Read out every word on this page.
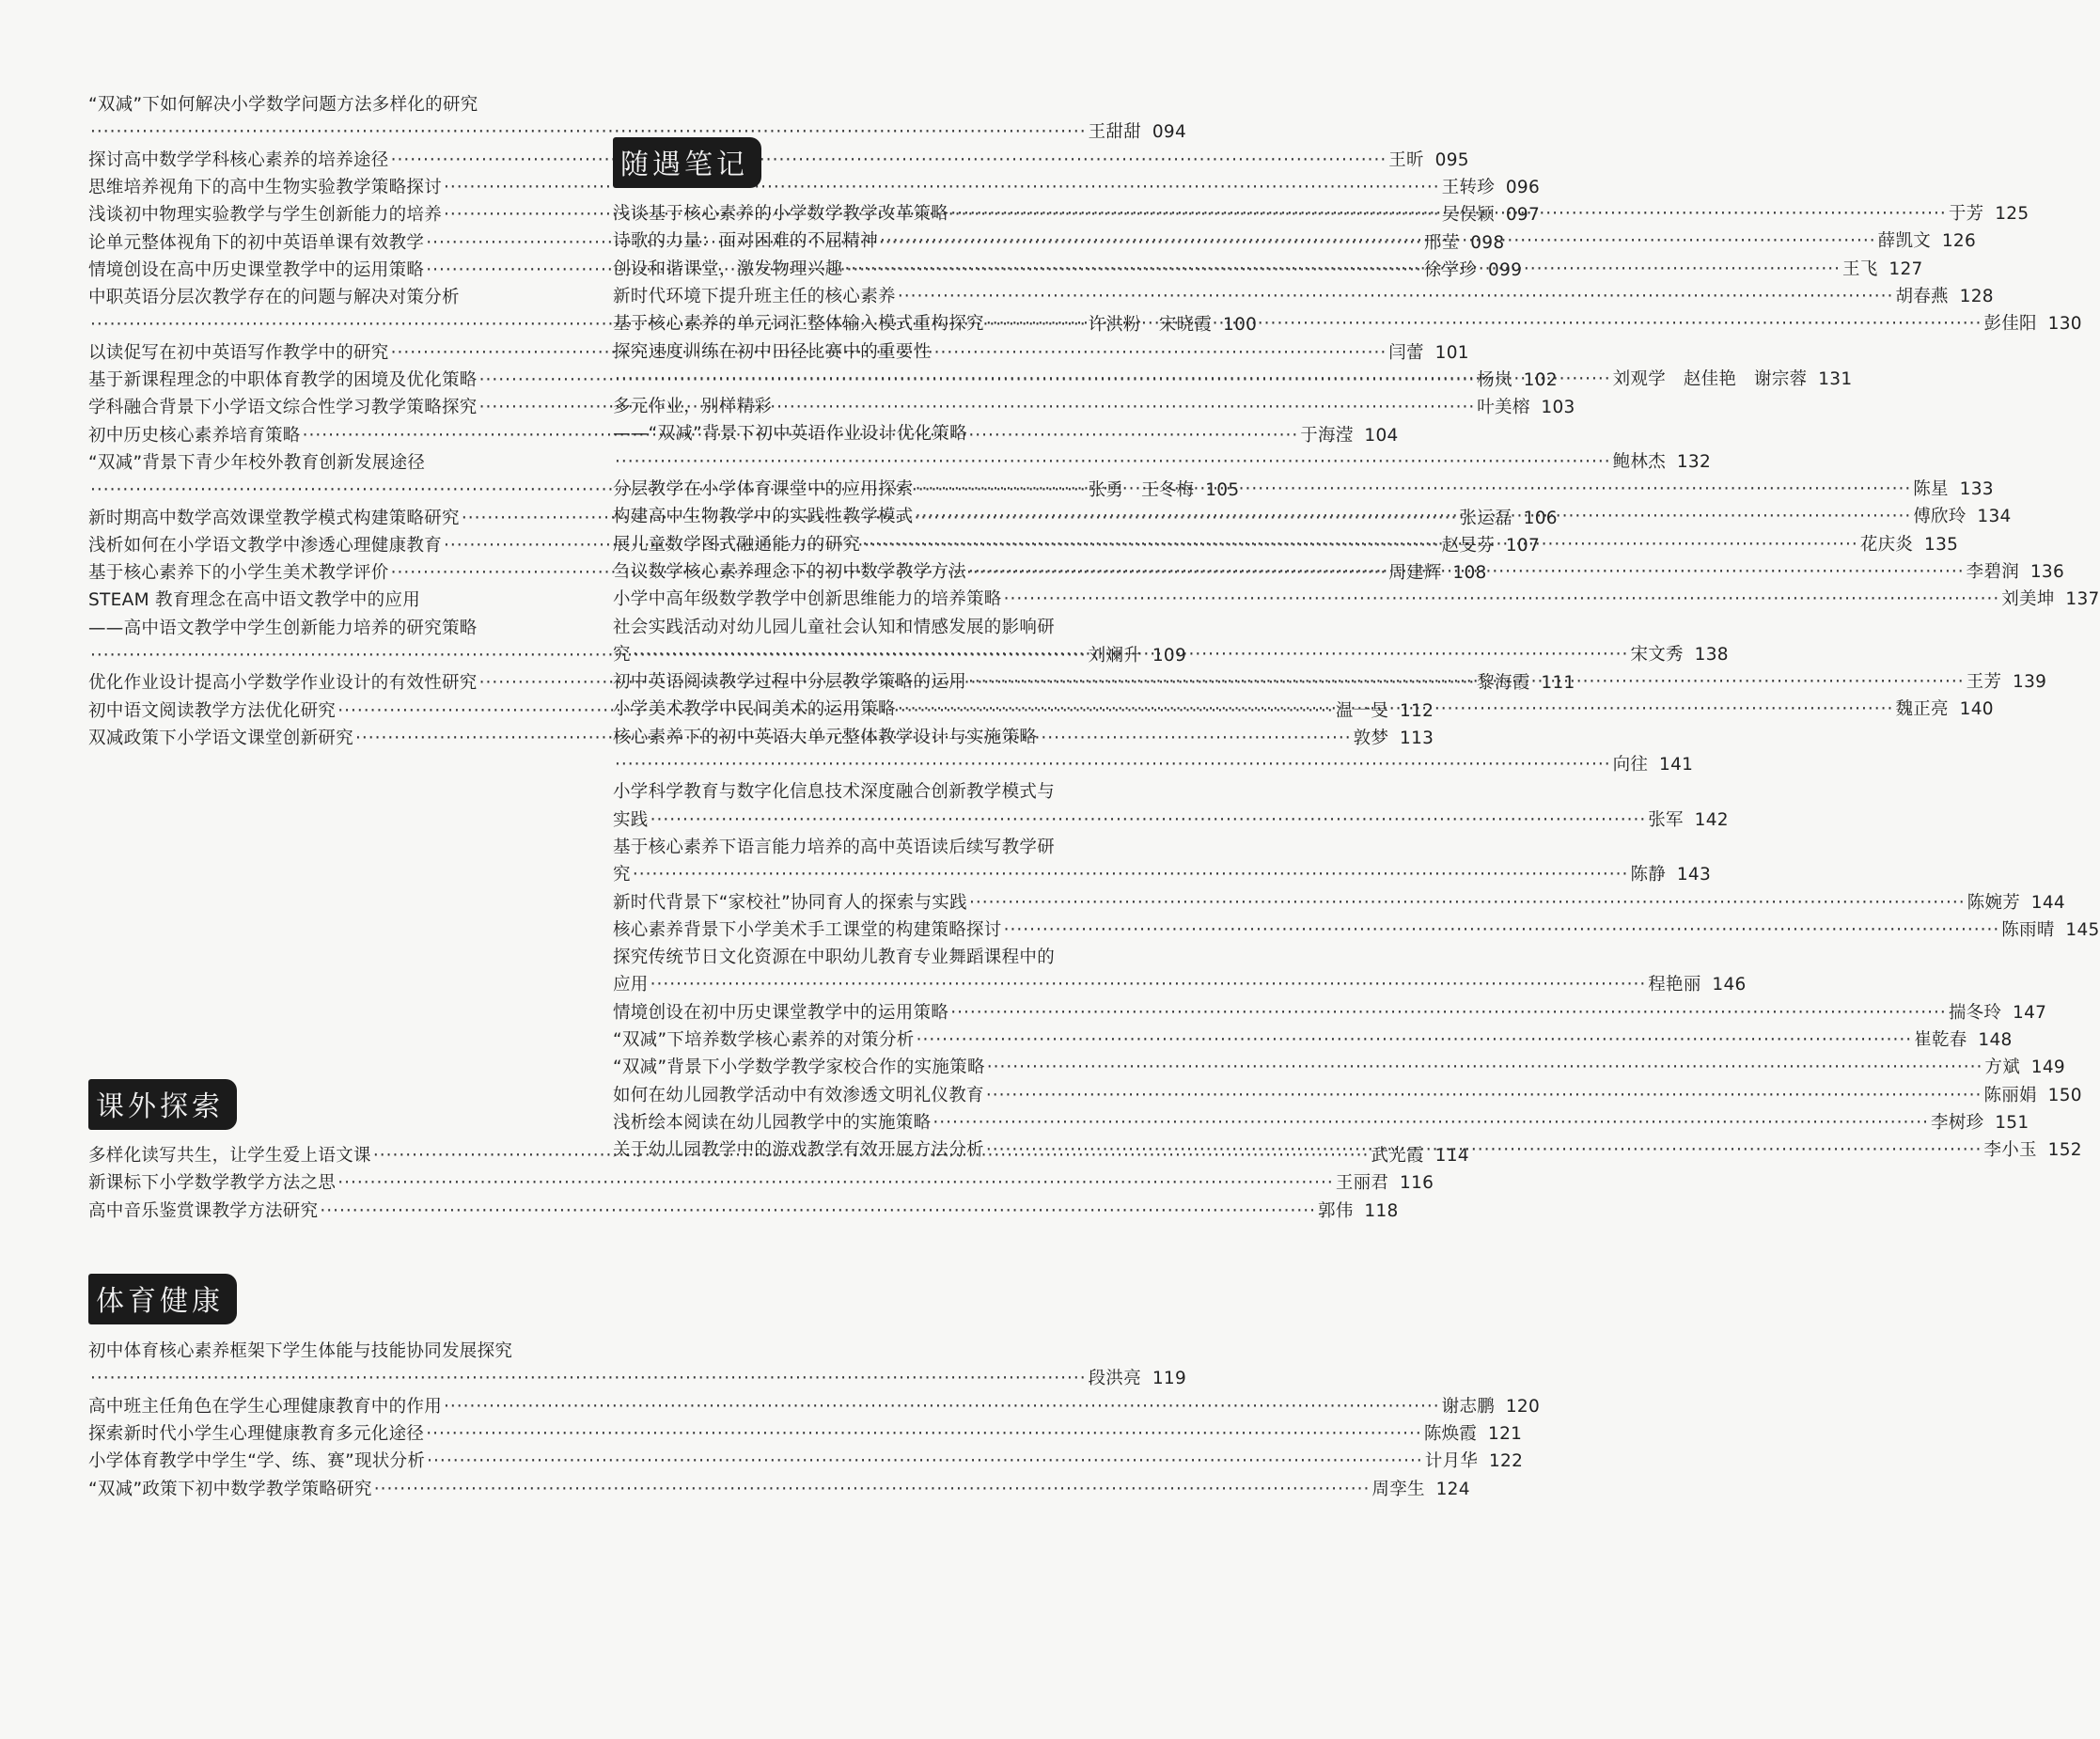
“双减”下如何解决小学数学问题方法多样化的研究
·····
王甜甜 094
探讨高中数学学科核心素养的培养途径 ·····	王昕 095
思维培养视角下的高中生物实验教学策略探讨 ·····	王转珍 096
浅谈初中物理实验教学与学生创新能力的培养 ·····	吴俣颖 097
论单元整体视角下的初中英语单课有效教学 ·····	邢莹 098
情境创设在高中历史课堂教学中的运用策略 ·····	徐学珍 099
中职英语分层次教学存在的问题与解决对策分析
·····
许洪粉　宋晓霞 100
以读促写在初中英语写作教学中的研究 ·····	闫蕾 101
基于新课程理念的中职体育教学的困境及优化策略 ·····	杨岚 102
学科融合背景下小学语文综合性学习教学策略探究 ·····	叶美榕 103
初中历史核心素养培育策略 ·····	于海滢 104
“双减”背景下青少年校外教育创新发展途径
·····
张勇　王冬梅 105
新时期高中数学高效课堂教学模式构建策略研究 ·····	张运磊 106
浅析如何在小学语文教学中渗透心理健康教育 ·····	赵旻芬 107
基于核心素养下的小学生美术教学评价 ·····	周建辉 108
STEAM 教育理念在高中语文教学中的应用
——高中语文教学中学生创新能力培养的研究策略
·····
刘斓升 109
优化作业设计提高小学数学作业设计的有效性研究 ·····	黎海霞 111
初中语文阅读教学方法优化研究 ·····	温一旻 112
双减政策下小学语文课堂创新研究 ·····	敦梦 113
课外探索
多样化读写共生，让学生爱上语文课 ·····	武光霞 114
新课标下小学数学教学方法之思 ·····	王丽君 116
高中音乐鉴赏课教学方法研究 ·····	郭伟 118
体育健康
初中体育核心素养框架下学生体能与技能协同发展探究
·····
段洪亮 119
高中班主任角色在学生心理健康教育中的作用 ·····	谢志鹏 120
探索新时代小学生心理健康教育多元化途径 ·····	陈焕霞 121
小学体育教学中学生“学、练、赛”现状分析 ·····	计月华 122
“双减”政策下初中数学教学策略研究 ·····	周孪生 124
随遇笔记
浅谈基于核心素养的小学数学教学改革策略 ·····	于芳 125
诗歌的力量：面对困难的不屈精神 ·····	薛凯文 126
创设和谐课堂，激发物理兴趣 ·····	王飞 127
新时代环境下提升班主任的核心素养 ·····	胡春燕 128
基于核心素养的单元词汇整体输入模式重构探究 ·····	彭佳阳 130
探究速度训练在初中田径比赛中的重要性
·····
刘观学　赵佳艳　谢宗蓉 131
多元作业，别样精彩
——“双减”背景下初中英语作业设计优化策略
·····
鲍林杰 132
分层教学在小学体育课堂中的应用探索 ·····	陈星 133
构建高中生物教学中的实践性教学模式 ·····	傅欣玲 134
展儿童数学图式融通能力的研究 ·····	花庆炎 135
刍议数学核心素养理念下的初中数学教学方法 ·····	李碧润 136
小学中高年级数学教学中创新思维能力的培养策略 ·····	刘美坤 137
社会实践活动对幼儿园儿童社会认知和情感发展的影响研
究 ·····	宋文秀 138
初中英语阅读教学过程中分层教学策略的运用 ·····	王芳 139
小学美术教学中民间美术的运用策略 ·····	魏正亮 140
核心素养下的初中英语大单元整体教学设计与实施策略
·····
向往 141
小学科学教育与数字化信息技术深度融合创新教学模式与
实践 ·····	张军 142
基于核心素养下语言能力培养的高中英语读后续写教学研
究 ·····	陈静 143
新时代背景下“家校社”协同育人的探索与实践 ·····	陈婉芳 144
核心素养背景下小学美术手工课堂的构建策略探讨 ·····	陈雨晴 145
探究传统节日文化资源在中职幼儿教育专业舞蹈课程中的
应用 ·····	程艳丽 146
情境创设在初中历史课堂教学中的运用策略 ·····	揣冬玲 147
“双减”下培养数学核心素养的对策分析 ·····	崔乾春 148
“双减”背景下小学数学教学家校合作的实施策略 ·····	方斌 149
如何在幼儿园教学活动中有效渗透文明礼仪教育 ·····	陈丽娟 150
浅析绘本阅读在幼儿园教学中的实施策略 ·····	李树珍 151
关于幼儿园教学中的游戏教学有效开展方法分析 ·····	李小玉 152
